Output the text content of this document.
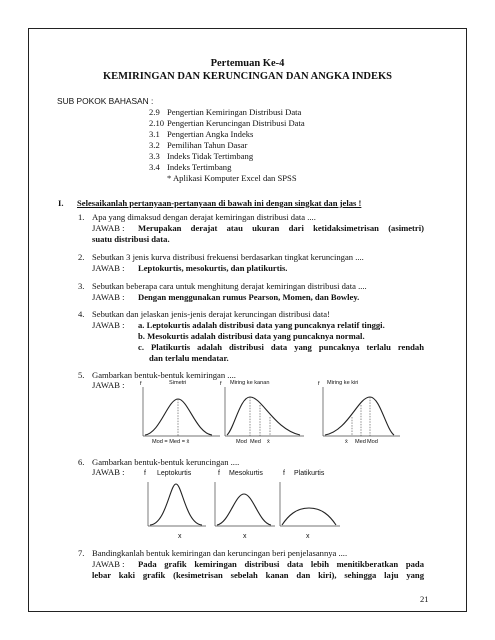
Pertemuan Ke-4
KEMIRINGAN DAN KERUNCINGAN DAN ANGKA INDEKS
SUB POKOK BAHASAN :
2.9 Pengertian Kemiringan Distribusi Data
2.10 Pengertian Keruncingan Distribusi Data
3.1 Pengertian Angka Indeks
3.2 Pemilihan Tahun Dasar
3.3 Indeks Tidak Tertimbang
3.4 Indeks Tertimbang
* Aplikasi Komputer Excel dan SPSS
I. Selesaikanlah pertanyaan-pertanyaan di bawah ini dengan singkat dan jelas !
1. Apa yang dimaksud dengan derajat kemiringan distribusi data ....
JAWAB : Merupakan derajat atau ukuran dari ketidaksimetrisan (asimetri)
suatu distribusi data.
2. Sebutkan 3 jenis kurva distribusi frekuensi berdasarkan tingkat keruncingan ....
JAWAB : Leptokurtis, mesokurtis, dan platikurtis.
3. Sebutkan beberapa cara untuk menghitung derajat kemiringan distribusi data ....
JAWAB : Dengan menggunakan rumus Pearson, Momen, dan Bowley.
4. Sebutkan dan jelaskan jenis-jenis derajat keruncingan distribusi data!
JAWAB : a. Leptokurtis adalah distribusi data yang puncaknya relatif tinggi.
b. Mesokurtis adalah distribusi data yang puncaknya normal.
c. Platikurtis adalah distribusi data yang puncaknya terlalu rendah
dan terlalu mendatar.
5. Gambarkan bentuk-bentuk kemiringan ....
JAWAB :	f	Simetri
Mod = Med = x̄
f Miring ke kanan
Mod Med x̄
f Miring ke kiri
x̄ Med Mod
6. Gambarkan bentuk-bentuk keruncingan ....
JAWAB :	f Leptokurtis	f Mesokurtis	f Platikurtis
x	x	x
7. Bandingkanlah bentuk kemiringan dan keruncingan beri penjelasannya ....
JAWAB : Pada grafik kemiringan distribusi data lebih menitikberatkan pada
lebar kaki grafik (kesimetrisan sebelah kanan dan kiri), sehingga laju yang
21
